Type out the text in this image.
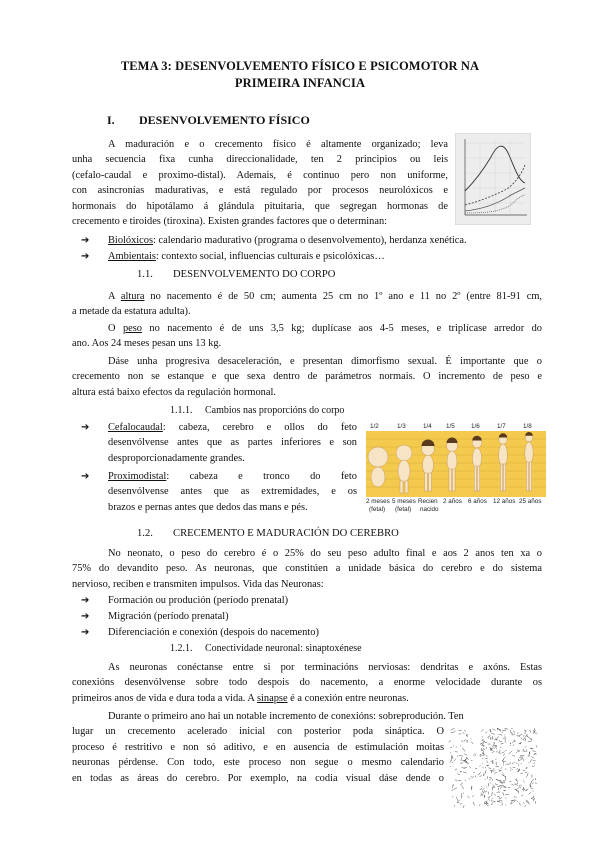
TEMA 3: DESENVOLVEMENTO FÍSICO E PSICOMOTOR NA
PRIMEIRA INFANCIA
I. DESENVOLVEMENTO FÍSICO
A maduración e o crecemento físico é altamente organizado; leva
unha secuencia fixa cunha direccionalidade, ten 2 principios ou leis
(cefalo-caudal e proximo-distal). Ademais, é continuo pero non uniforme,
con asincronías madurativas, e está regulado por procesos neurolóxicos e
hormonais do hipotálamo á glándula pituitaria, que segregan hormonas de
crecemento e tiroides (tiroxina). Existen grandes factores que o determinan:
➔ Biolóxicos: calendario madurativo (programa o desenvolvemento), herdanza xenética.
➔ Ambientais: contexto social, influencias culturais e psicolóxicas…
1.1. DESENVOLVEMENTO DO CORPO
A altura no nacemento é de 50 cm; aumenta 25 cm no 1º ano e 11 no 2º (entre 81-91 cm,
a metade da estatura adulta).
O peso no nacemento é de uns 3,5 kg; duplícase aos 4-5 meses, e triplícase arredor do
ano. Aos 24 meses pesan uns 13 kg.
Dáse unha progresiva desaceleración, e presentan dimorfismo sexual. É importante que o
crecemento non se estanque e que sexa dentro de parámetros normais. O incremento de peso e
altura está baixo efectos da regulación hormonal.
1.1.1. Cambios nas proporcións do corpo
➔ Cefalocaudal: cabeza, cerebro e ollos do feto
desenvólvense antes que as partes inferiores e son
desproporcionadamente grandes.
➔ Proximodistal: cabeza e tronco do feto
desenvólvense antes que as extremidades, e os
brazos e pernas antes que dedos das mans e pés.
1/2	1/3	1/4 1/5	1/6	1/7	1/8
2 meses 5 meses Recien 2 años 6 años 12 años 25 años
(fetal) (fetal) nacido
1.2. CRECEMENTO E MADURACIÓN DO CEREBRO
No neonato, o peso do cerebro é o 25% do seu peso adulto final e aos 2 anos ten xa o
75% do devandito peso. As neuronas, que constitúen a unidade básica do cerebro e do sistema
nervioso, reciben e transmiten impulsos. Vida das Neuronas:
➔ Formación ou produción (período prenatal)
➔ Migración (período prenatal)
➔ Diferenciación e conexión (despois do nacemento)
1.2.1. Conectividade neuronal: sinaptoxénese
As neuronas conéctanse entre si por terminacións nerviosas: dendritas e axóns. Estas
conexións desenvólvense sobre todo despois do nacemento, a enorme velocidade durante os
primeiros anos de vida e dura toda a vida. A sinapse é a conexión entre neuronas.
Durante o primeiro ano hai un notable incremento de conexións: sobreprodución. Ten
lugar un crecemento acelerado inicial con posterior poda sináptica. O
proceso é restritivo e non só aditivo, e en ausencia de estimulación moitas
neuronas pérdense. Con todo, este proceso non segue o mesmo calendario
en todas as áreas do cerebro. Por exemplo, na codia visual dáse dende o
